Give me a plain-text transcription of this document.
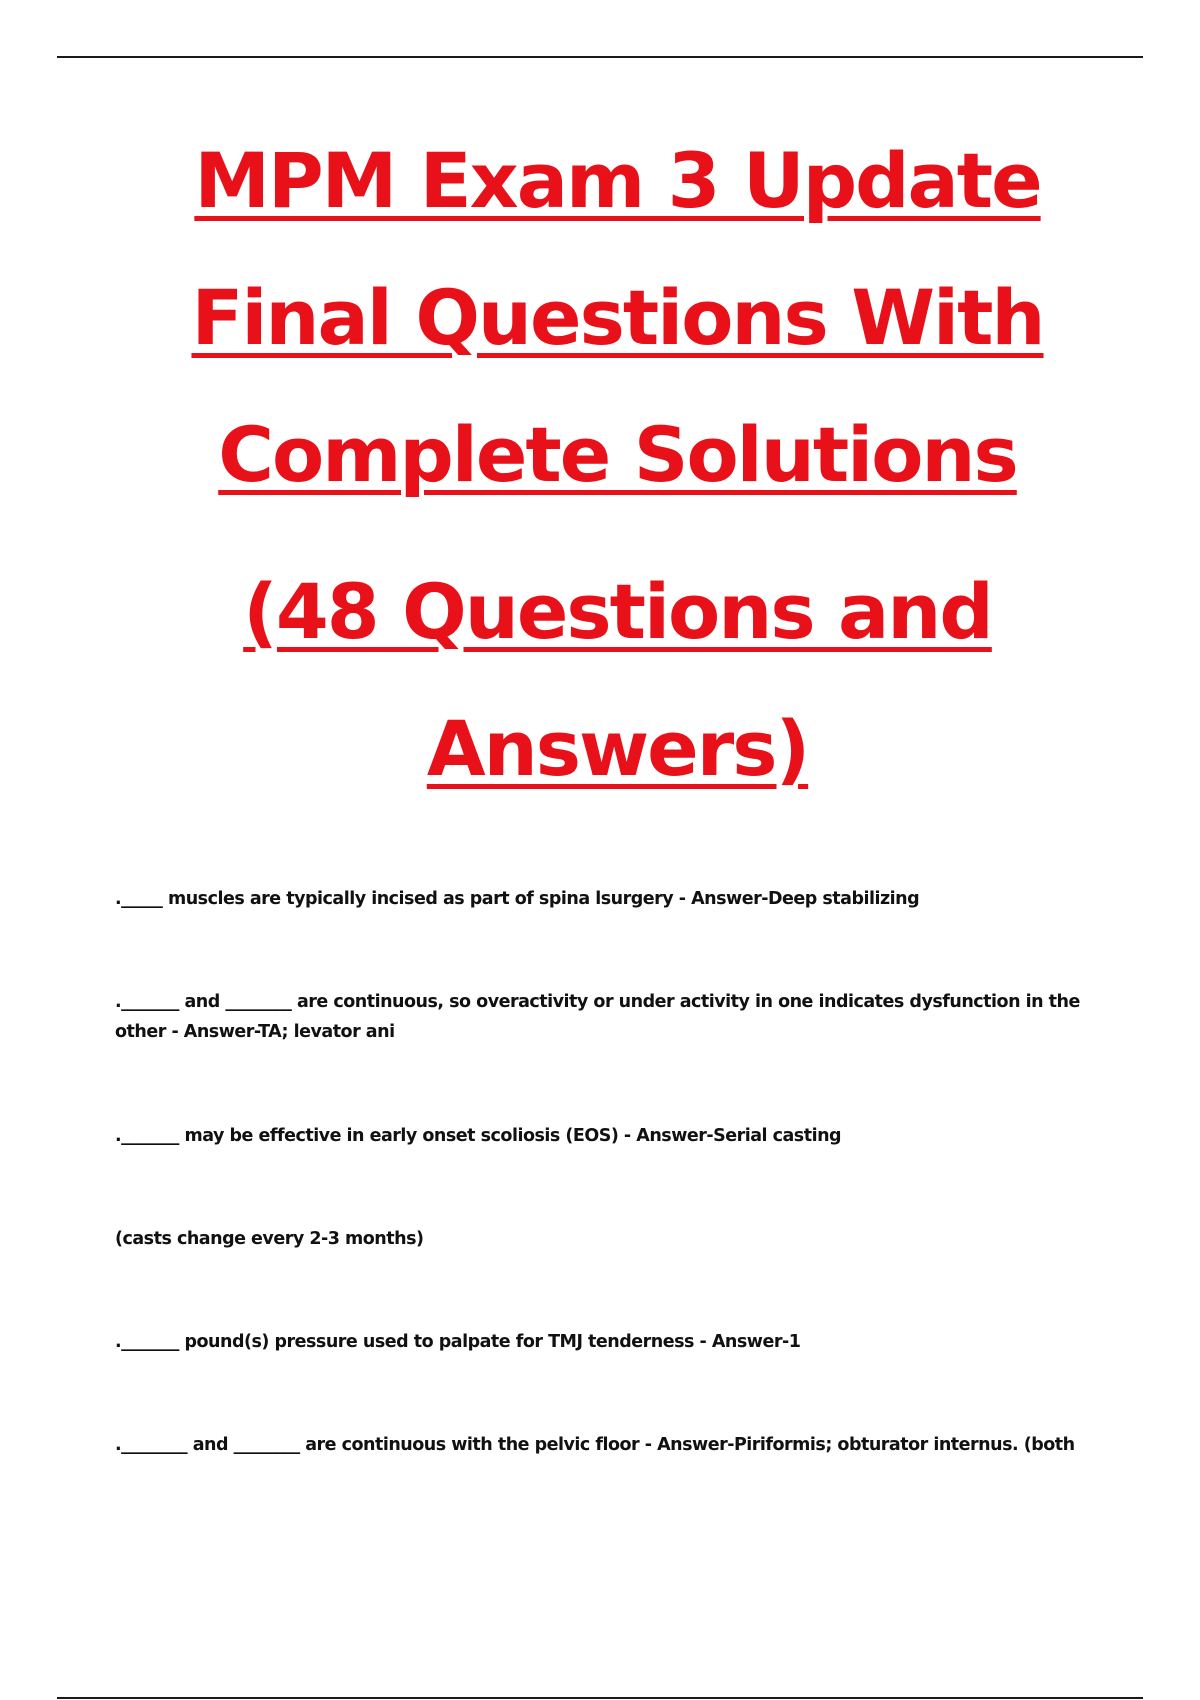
MPM Exam 3 Update
Final Questions With
Complete Solutions
(48 Questions and
Answers)

._____ muscles are typically incised as part of spina lsurgery - Answer-Deep stabilizing

._______ and ________ are continuous, so overactivity or under activity in one indicates dysfunction in the other - Answer-TA; levator ani

._______ may be effective in early onset scoliosis (EOS) - Answer-Serial casting

(casts change every 2-3 months)

._______ pound(s) pressure used to palpate for TMJ tenderness - Answer-1

.________ and ________ are continuous with the pelvic floor - Answer-Piriformis; obturator internus. (both
